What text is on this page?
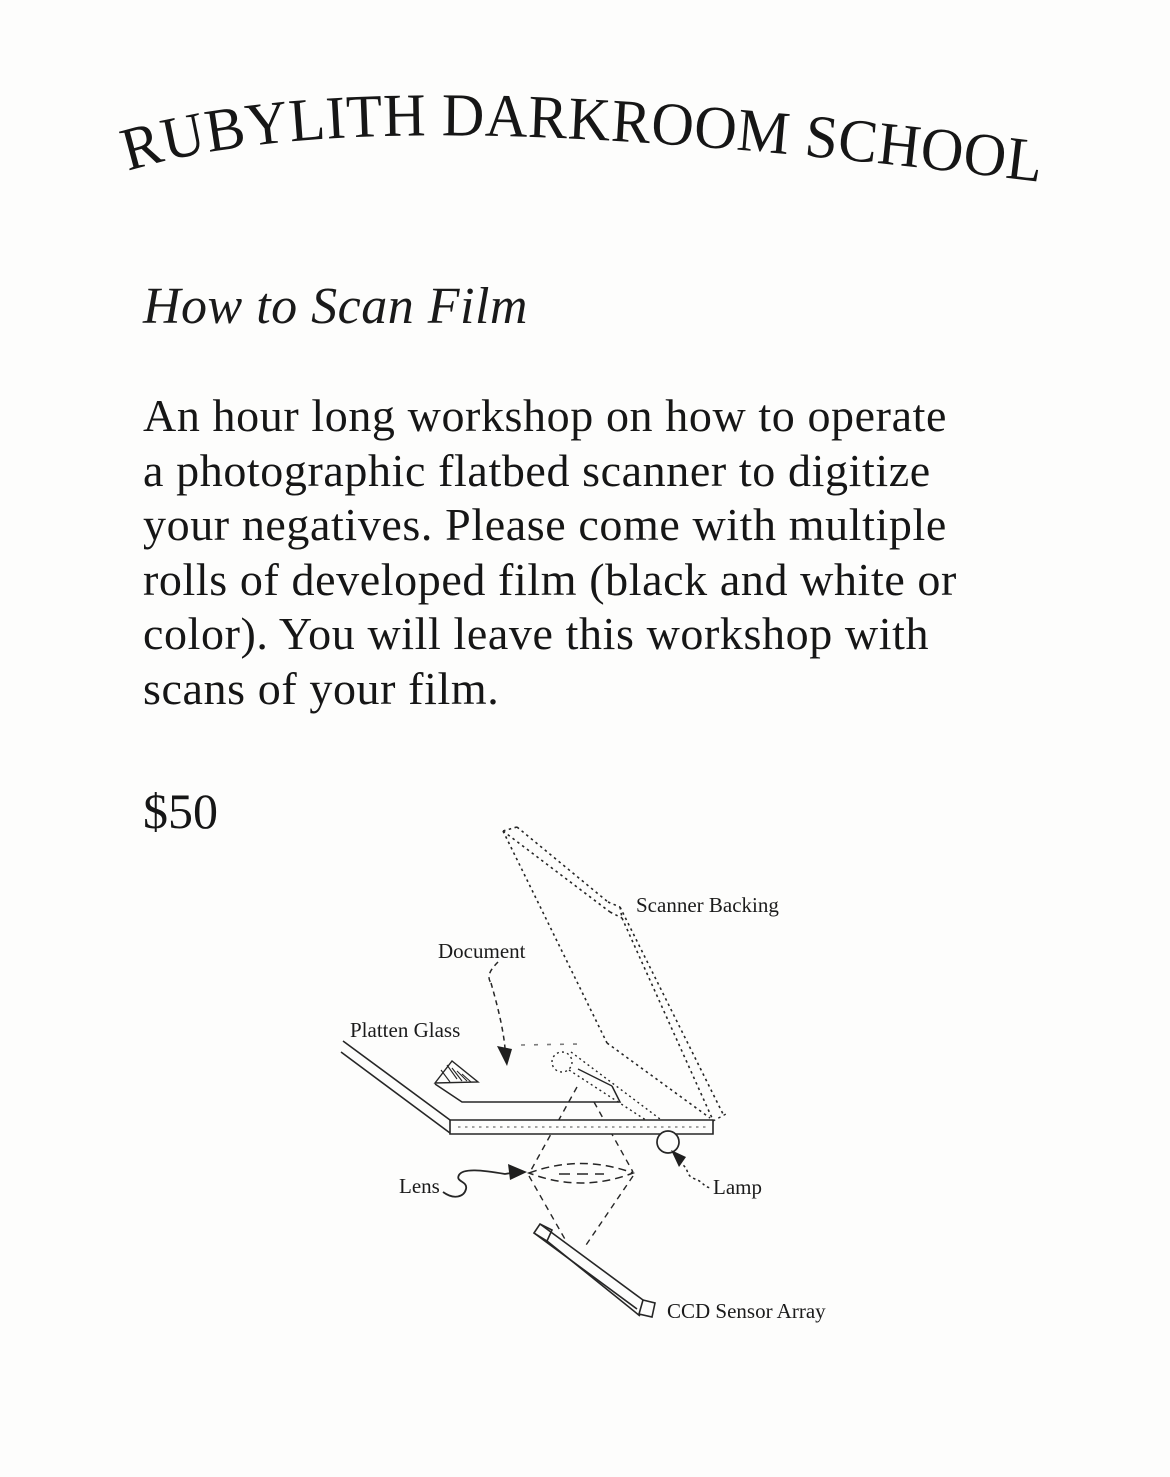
RUBYLITH DARKROOM SCHOOL
How to Scan Film
An hour long workshop on how to operate
a photographic flatbed scanner to digitize
your negatives. Please come with multiple
rolls of developed film (black and white or
color). You will leave this workshop with
scans of your film.
$50
Scanner Backing
Document
Platten Glass
Lens	Lamp
CCD Sensor Array
